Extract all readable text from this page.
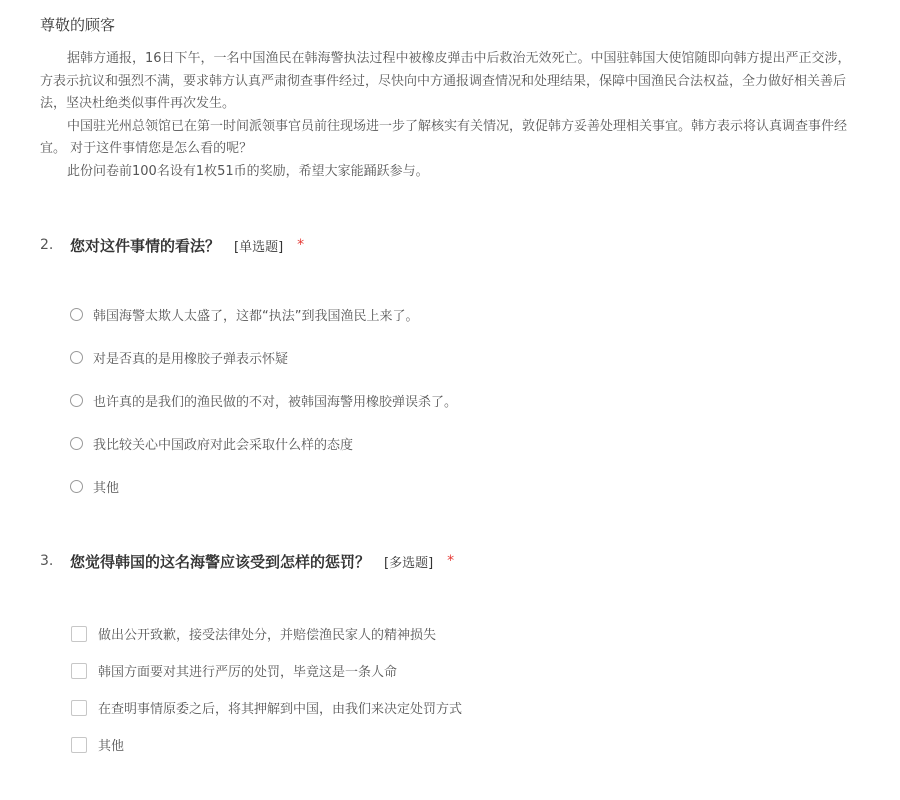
尊敬的顾客
据韩方通报，16日下午，一名中国渔民在韩海警执法过程中被橡皮弹击中后救治无效死亡。中国驻韩国大使馆随即向韩方提出严正交涉，
方表示抗议和强烈不满，要求韩方认真严肃彻查事件经过，尽快向中方通报调查情况和处理结果，保障中国渔民合法权益，全力做好相关善后
法，坚决杜绝类似事件再次发生。
中国驻光州总领馆已在第一时间派领事官员前往现场进一步了解核实有关情况，敦促韩方妥善处理相关事宜。韩方表示将认真调查事件经
宜。 对于这件事情您是怎么看的呢？
此份问卷前100名设有1枚51币的奖励，希望大家能踊跃参与。
2.	您对这件事情的看法？ [单选题] *
韩国海警太欺人太盛了，这都“执法”到我国渔民上来了。
对是否真的是用橡胶子弹表示怀疑
也许真的是我们的渔民做的不对，被韩国海警用橡胶弹误杀了。
我比较关心中国政府对此会采取什么样的态度
其他
3.	您觉得韩国的这名海警应该受到怎样的惩罚？ [多选题] *
做出公开致歉，接受法律处分，并赔偿渔民家人的精神损失
韩国方面要对其进行严厉的处罚，毕竟这是一条人命
在查明事情原委之后，将其押解到中国，由我们来决定处罚方式
其他
